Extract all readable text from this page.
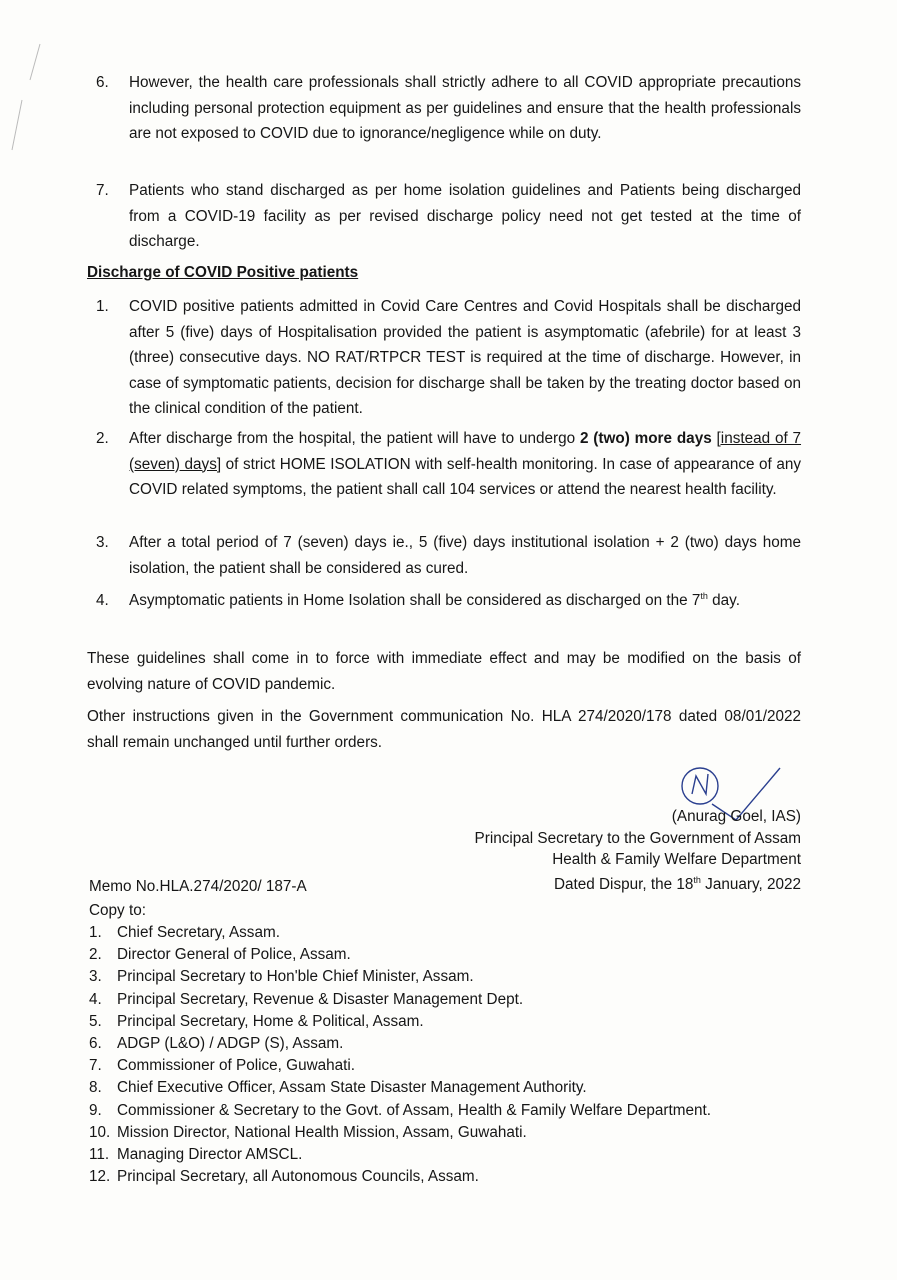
6. However, the health care professionals shall strictly adhere to all COVID appropriate precautions including personal protection equipment as per guidelines and ensure that the health professionals are not exposed to COVID due to ignorance/negligence while on duty.
7. Patients who stand discharged as per home isolation guidelines and Patients being discharged from a COVID-19 facility as per revised discharge policy need not get tested at the time of discharge.
Discharge of COVID Positive patients
1. COVID positive patients admitted in Covid Care Centres and Covid Hospitals shall be discharged after 5 (five) days of Hospitalisation provided the patient is asymptomatic (afebrile) for at least 3 (three) consecutive days. NO RAT/RTPCR TEST is required at the time of discharge. However, in case of symptomatic patients, decision for discharge shall be taken by the treating doctor based on the clinical condition of the patient.
2. After discharge from the hospital, the patient will have to undergo 2 (two) more days [instead of 7 (seven) days] of strict HOME ISOLATION with self-health monitoring. In case of appearance of any COVID related symptoms, the patient shall call 104 services or attend the nearest health facility.
3. After a total period of 7 (seven) days ie., 5 (five) days institutional isolation + 2 (two) days home isolation, the patient shall be considered as cured.
4. Asymptomatic patients in Home Isolation shall be considered as discharged on the 7th day.
These guidelines shall come in to force with immediate effect and may be modified on the basis of evolving nature of COVID pandemic.
Other instructions given in the Government communication No. HLA 274/2020/178 dated 08/01/2022 shall remain unchanged until further orders.
(Anurag Goel, IAS)
Principal Secretary to the Government of Assam
Health & Family Welfare Department
Memo No.HLA.274/2020/ 187-A	Dated Dispur, the 18th January, 2022
Copy to:
1. Chief Secretary, Assam.
2. Director General of Police, Assam.
3. Principal Secretary to Hon'ble Chief Minister, Assam.
4. Principal Secretary, Revenue & Disaster Management Dept.
5. Principal Secretary, Home & Political, Assam.
6. ADGP (L&O) / ADGP (S), Assam.
7. Commissioner of Police, Guwahati.
8. Chief Executive Officer, Assam State Disaster Management Authority.
9. Commissioner & Secretary to the Govt. of Assam, Health & Family Welfare Department.
10. Mission Director, National Health Mission, Assam, Guwahati.
11. Managing Director AMSCL.
12. Principal Secretary, all Autonomous Councils, Assam.
